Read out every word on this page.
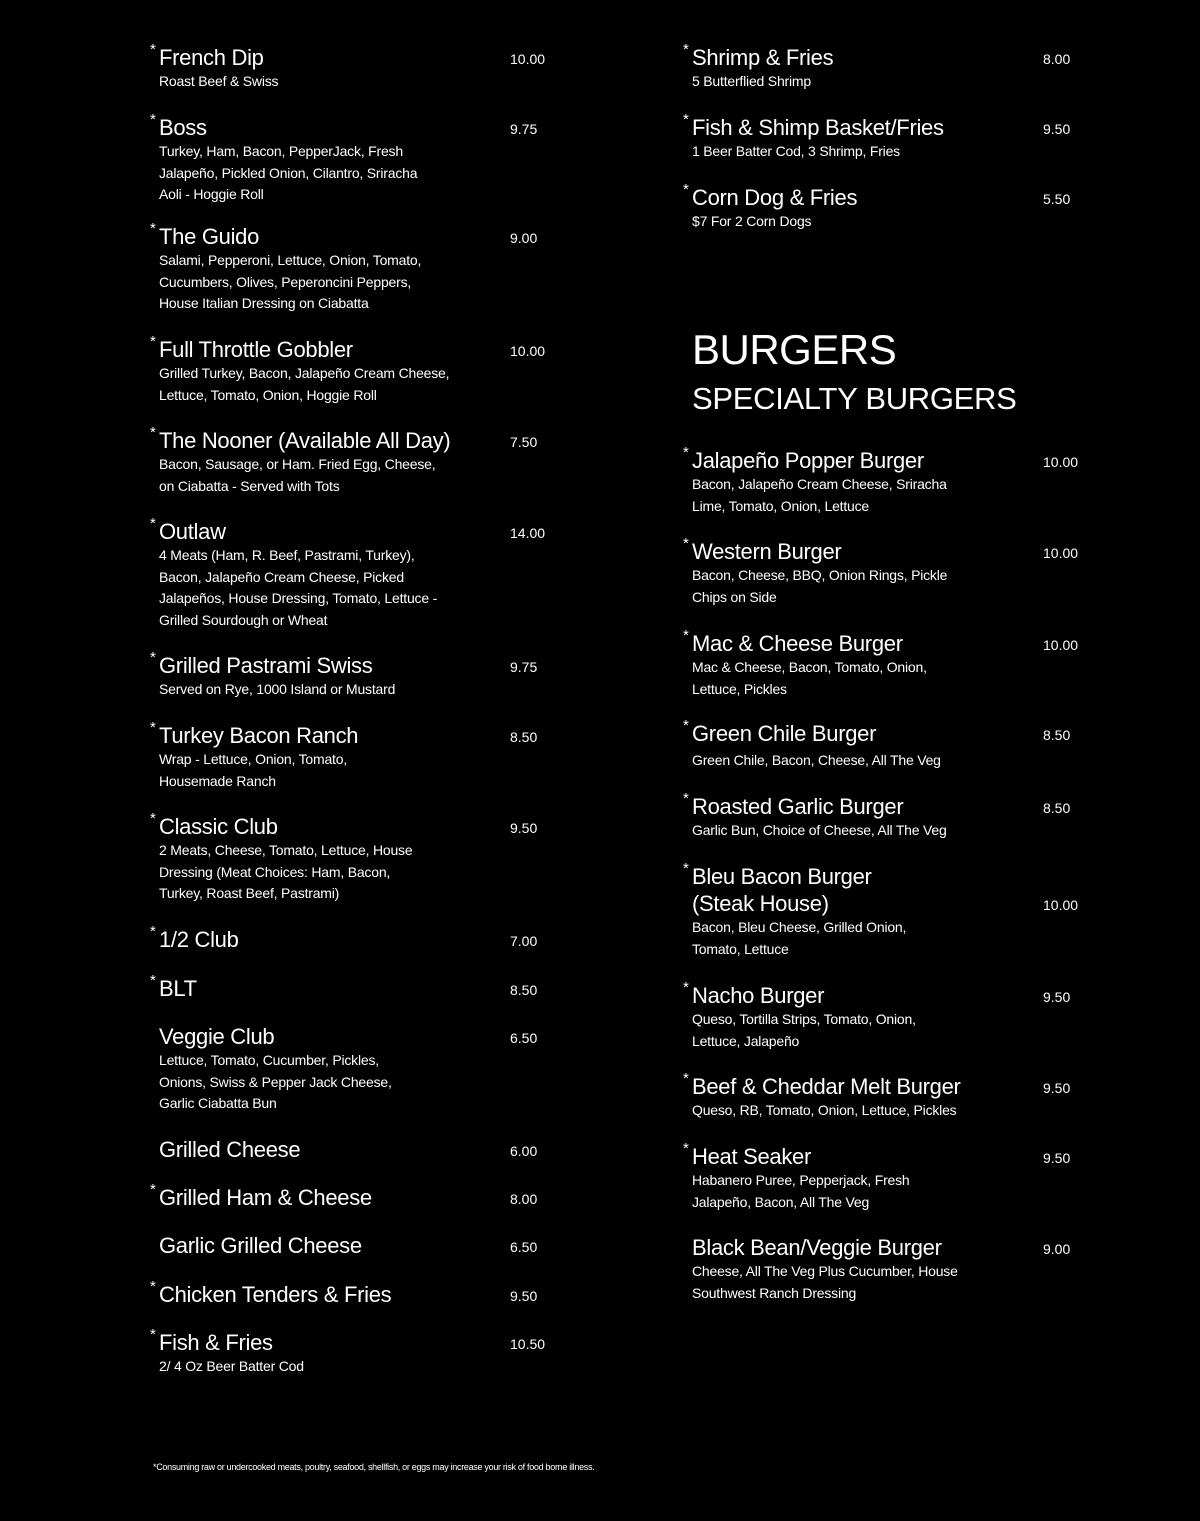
* French Dip	10.00
Roast Beef & Swiss
* Boss	9.75
Turkey, Ham, Bacon, PepperJack, Fresh Jalapeño, Pickled Onion, Cilantro, Sriracha Aoli - Hoggie Roll
* The Guido	9.00
Salami, Pepperoni, Lettuce, Onion, Tomato, Cucumbers, Olives, Peperoncini Peppers, House Italian Dressing on Ciabatta
* Full Throttle Gobbler	10.00
Grilled Turkey, Bacon, Jalapeño Cream Cheese, Lettuce, Tomato, Onion, Hoggie Roll
* The Nooner (Available All Day)	7.50
Bacon, Sausage, or Ham. Fried Egg, Cheese, on Ciabatta - Served with Tots
* Outlaw	14.00
4 Meats (Ham, R. Beef, Pastrami, Turkey), Bacon, Jalapeño Cream Cheese, Picked Jalapeños, House Dressing, Tomato, Lettuce - Grilled Sourdough or Wheat
* Grilled Pastrami Swiss	9.75
Served on Rye, 1000 Island or Mustard
* Turkey Bacon Ranch	8.50
Wrap - Lettuce, Onion, Tomato, Housemade Ranch
* Classic Club	9.50
2 Meats, Cheese, Tomato, Lettuce, House Dressing (Meat Choices: Ham, Bacon, Turkey, Roast Beef, Pastrami)
* 1/2 Club	7.00
* BLT	8.50
Veggie Club	6.50
Lettuce, Tomato, Cucumber, Pickles, Onions, Swiss & Pepper Jack Cheese, Garlic Ciabatta Bun
Grilled Cheese	6.00
* Grilled Ham & Cheese	8.00
Garlic Grilled Cheese	6.50
* Chicken Tenders & Fries	9.50
* Fish & Fries	10.50
2/ 4 Oz Beer Batter Cod
* Shrimp & Fries	8.00
5 Butterflied Shrimp
* Fish & Shimp Basket/Fries	9.50
1 Beer Batter Cod, 3 Shrimp, Fries
* Corn Dog & Fries	5.50
$7 For 2 Corn Dogs
BURGERS
SPECIALTY BURGERS
* Jalapeño Popper Burger	10.00
Bacon, Jalapeño Cream Cheese, Sriracha Lime, Tomato, Onion, Lettuce
* Western Burger	10.00
Bacon, Cheese, BBQ, Onion Rings, Pickle Chips on Side
* Mac & Cheese Burger	10.00
Mac & Cheese, Bacon, Tomato, Onion, Lettuce, Pickles
* Green Chile Burger	8.50
Green Chile, Bacon, Cheese, All The Veg
* Roasted Garlic Burger	8.50
Garlic Bun, Choice of Cheese, All The Veg
* Bleu Bacon Burger
(Steak House)	10.00
Bacon, Bleu Cheese, Grilled Onion, Tomato, Lettuce
* Nacho Burger	9.50
Queso, Tortilla Strips, Tomato, Onion, Lettuce, Jalapeño
* Beef & Cheddar Melt Burger	9.50
Queso, RB, Tomato, Onion, Lettuce, Pickles
* Heat Seaker	9.50
Habanero Puree, Pepperjack, Fresh Jalapeño, Bacon, All The Veg
Black Bean/Veggie Burger	9.00
Cheese, All The Veg Plus Cucumber, House Southwest Ranch Dressing
*Consuming raw or undercooked meats, poultry, seafood, shellfish, or eggs may increase your risk of food borne illness.
